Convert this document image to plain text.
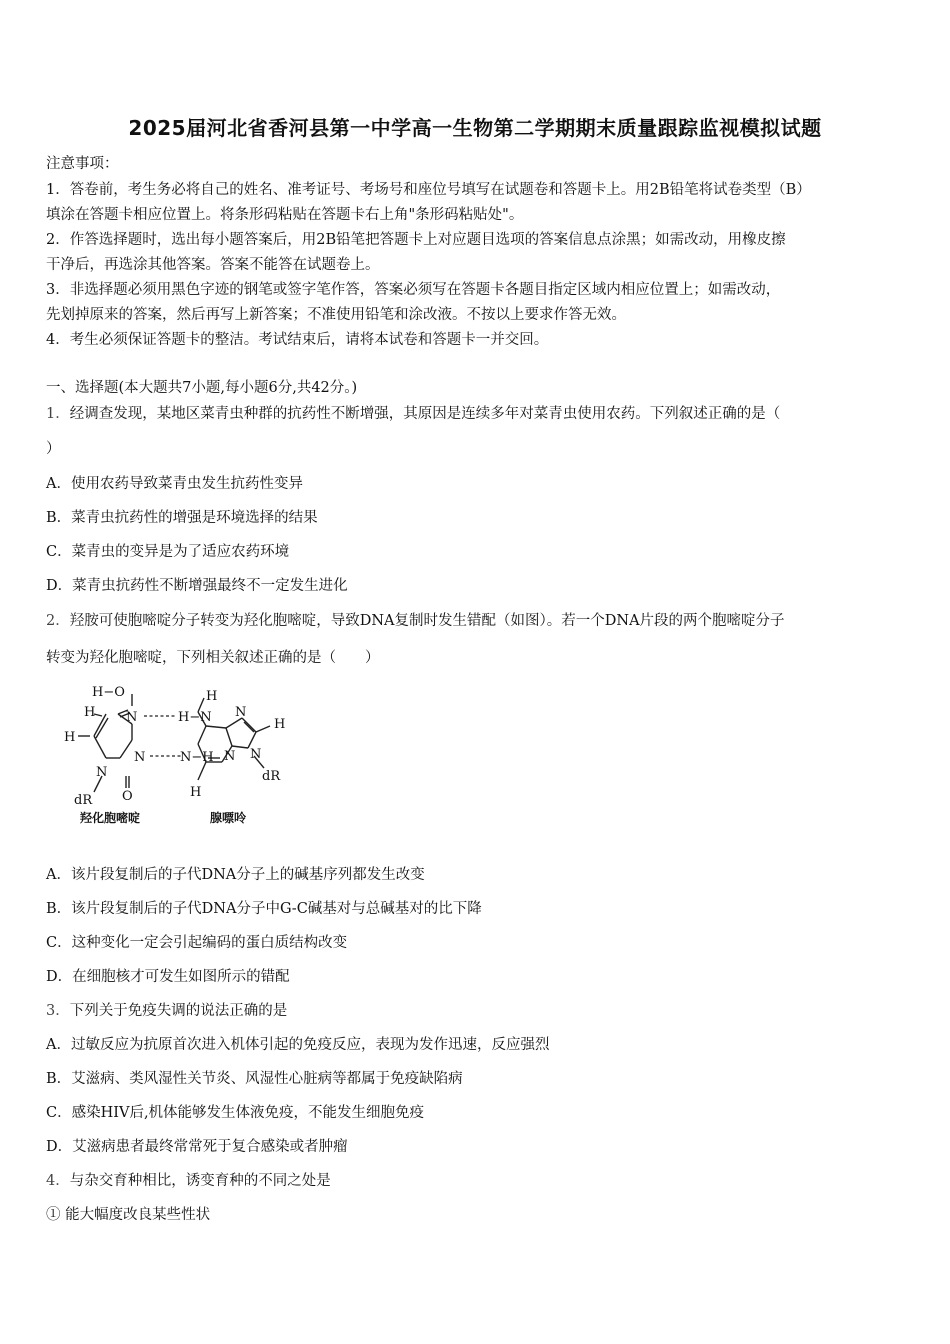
2025届河北省香河县第一中学高一生物第二学期期末质量跟踪监视模拟试题
注意事项：
1．答卷前，考生务必将自己的姓名、准考证号、考场号和座位号填写在试题卷和答题卡上。用2B铅笔将试卷类型（B）
填涂在答题卡相应位置上。将条形码粘贴在答题卡右上角"条形码粘贴处"。
2．作答选择题时，选出每小题答案后，用2B铅笔把答题卡上对应题目选项的答案信息点涂黑；如需改动，用橡皮擦
干净后，再选涂其他答案。答案不能答在试题卷上。
3．非选择题必须用黑色字迹的钢笔或签字笔作答，答案必须写在答题卡各题目指定区域内相应位置上；如需改动，
先划掉原来的答案，然后再写上新答案；不准使用铅笔和涂改液。不按以上要求作答无效。
4．考生必须保证答题卡的整洁。考试结束后，请将本试卷和答题卡一并交回。
一、选择题(本大题共7小题,每小题6分,共42分。)
1．经调查发现，某地区菜青虫种群的抗药性不断增强，其原因是连续多年对菜青虫使用农药。下列叙述正确的是（
）
A．使用农药导致菜青虫发生抗药性变异
B．菜青虫抗药性的增强是环境选择的结果
C．菜青虫的变异是为了适应农药环境
D．菜青虫抗药性不断增强最终不一定发生进化
2．羟胺可使胞嘧啶分子转变为羟化胞嘧啶，导致DNA复制时发生错配（如图）。若一个DNA片段的两个胞嘧啶分子
转变为羟化胞嘧啶，下列相关叙述正确的是（　　）
H−O
N
H
H
N
N
O
dR
H−N
H
N−H
N
H
N
N
dR
H
羟化胞嘧啶	腺嘌呤
A．该片段复制后的子代DNA分子上的碱基序列都发生改变
B．该片段复制后的子代DNA分子中G-C碱基对与总碱基对的比下降
C．这种变化一定会引起编码的蛋白质结构改变
D．在细胞核才可发生如图所示的错配
3．下列关于免疫失调的说法正确的是
A．过敏反应为抗原首次进入机体引起的免疫反应，表现为发作迅速，反应强烈
B．艾滋病、类风湿性关节炎、风湿性心脏病等都属于免疫缺陷病
C．感染HIV后,机体能够发生体液免疫，不能发生细胞免疫
D．艾滋病患者最终常常死于复合感染或者肿瘤
4．与杂交育种相比，诱变育种的不同之处是
① 能大幅度改良某些性状
